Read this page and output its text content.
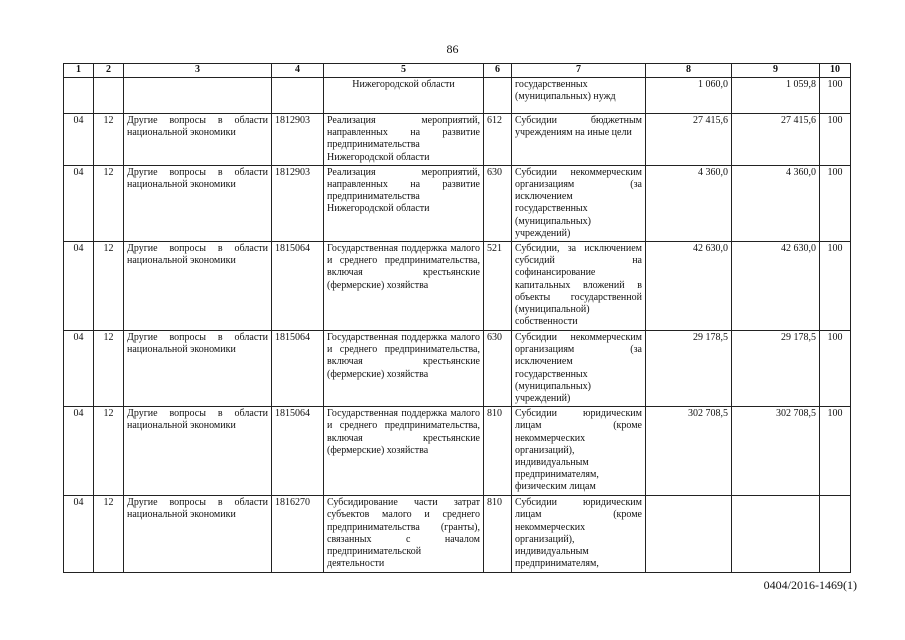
86
1	2	3	4	5	6	7	8	9	10
				Нижегородской области		государственных (муниципальных) нужд	1 060,0	1 059,8	100
04	12	Другие вопросы в области национальной экономики	1812903	Реализация мероприятий, направленных на развитие предпринимательства Нижегородской области	612	Субсидии бюджетным учреждениям на иные цели	27 415,6	27 415,6	100
04	12	Другие вопросы в области национальной экономики	1812903	Реализация мероприятий, направленных на развитие предпринимательства Нижегородской области	630	Субсидии некоммерческим организациям (за исключением государственных (муниципальных) учреждений)	4 360,0	4 360,0	100
04	12	Другие вопросы в области национальной экономики	1815064	Государственная поддержка малого и среднего предпринимательства, включая крестьянские (фермерские) хозяйства	521	Субсидии, за исключением субсидий на софинансирование капитальных вложений в объекты государственной (муниципальной) собственности	42 630,0	42 630,0	100
04	12	Другие вопросы в области национальной экономики	1815064	Государственная поддержка малого и среднего предпринимательства, включая крестьянские (фермерские) хозяйства	630	Субсидии некоммерческим организациям (за исключением государственных (муниципальных) учреждений)	29 178,5	29 178,5	100
04	12	Другие вопросы в области национальной экономики	1815064	Государственная поддержка малого и среднего предпринимательства, включая крестьянские (фермерские) хозяйства	810	Субсидии юридическим лицам (кроме некоммерческих организаций), индивидуальным предпринимателям, физическим лицам	302 708,5	302 708,5	100
04	12	Другие вопросы в области национальной экономики	1816270	Субсидирование части затрат субъектов малого и среднего предпринимательства (гранты), связанных с началом предпринимательской деятельности	810	Субсидии юридическим лицам (кроме некоммерческих организаций), индивидуальным предпринимателям,			
0404/2016-1469(1)
